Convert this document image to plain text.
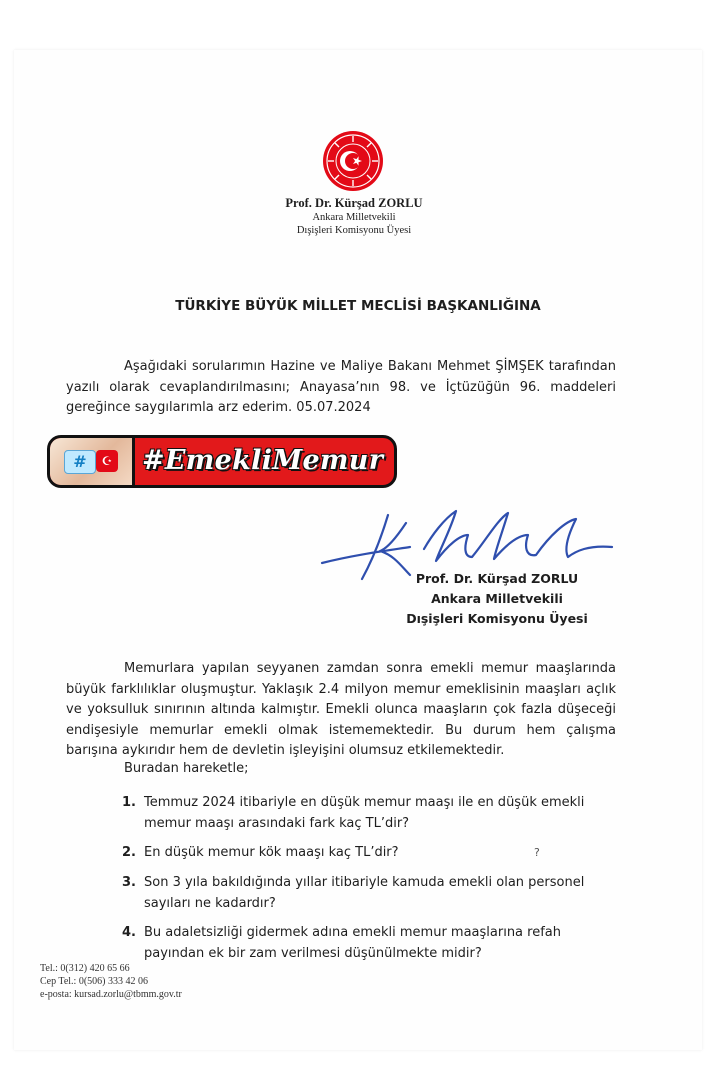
Prof. Dr. Kürşad ZORLU
Ankara Milletvekili
Dışişleri Komisyonu Üyesi
TÜRKİYE BÜYÜK MİLLET MECLİSİ BAŞKANLIĞINA
Aşağıdaki sorularımın Hazine ve Maliye Bakanı Mehmet ŞİMŞEK tarafından yazılı olarak cevaplandırılmasını; Anayasa’nın 98. ve İçtüzüğün 96. maddeleri gereğince saygılarımla arz ederim. 05.07.2024
#	☪ #EmekliMemur
Prof. Dr. Kürşad ZORLU
Ankara Milletvekili
Dışişleri Komisyonu Üyesi
Memurlara yapılan seyyanen zamdan sonra emekli memur maaşlarında büyük farklılıklar oluşmuştur. Yaklaşık 2.4 milyon memur emeklisinin maaşları açlık ve yoksulluk sınırının altında kalmıştır. Emekli olunca maaşların çok fazla düşeceği endişesiyle memurlar emekli olmak istememektedir. Bu durum hem çalışma barışına aykırıdır hem de devletin işleyişini olumsuz etkilemektedir.
Buradan hareketle;
1. Temmuz 2024 itibariyle en düşük memur maaşı ile en düşük emekli memur maaşı arasındaki fark kaç TL’dir?
2. En düşük memur kök maaşı kaç TL’dir?
3. Son 3 yıla bakıldığında yıllar itibariyle kamuda emekli olan personel sayıları ne kadardır?
4. Bu adaletsizliği gidermek adına emekli memur maaşlarına refah payından ek bir zam verilmesi düşünülmekte midir?
?
Tel.: 0(312) 420 65 66
Cep Tel.: 0(506) 333 42 06
e-posta: kursad.zorlu@tbmm.gov.tr
